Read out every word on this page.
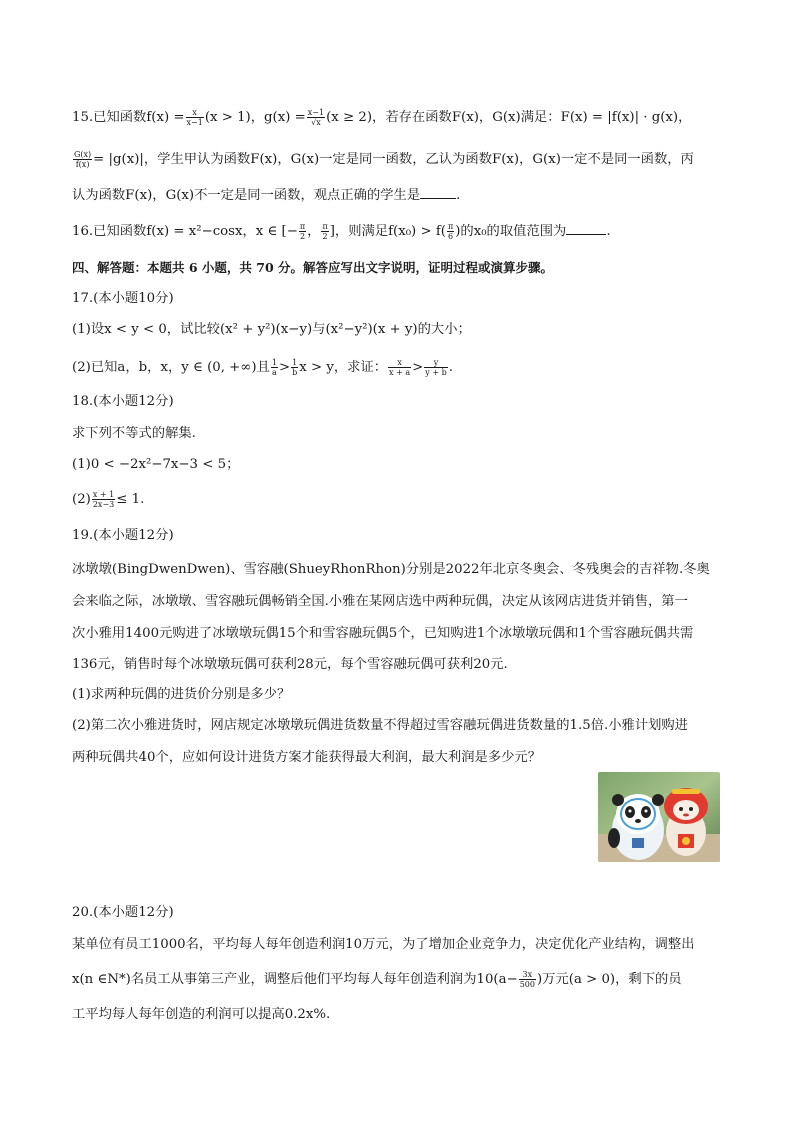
15.已知函数$f(x) = \frac{x}{x-1} (x > 1)$，$g(x) = \frac{x-1}{√x} (x \ge 2)$，若存在函数F(x)，G(x)满足：F(x) = |f(x)| · g(x)，
$\frac{G(x)}{f(x)} = |g(x)|$，学生甲认为函数F(x)，G(x)一定是同一函数，乙认为函数F(x)，G(x)一定不是同一函数，丙
认为函数F(x)，G(x)不一定是同一函数，观点正确的学生是	.
16.已知函数f(x) = x²−cosx，x ∈ [− $\frac{\pi}{2}$ ， $\frac{\pi}{2}$ ]，则满足$f(x_0) > f( \frac{\pi}{6}$ )的x₀的取值范围为	.
四、解答题：本题共 6 小题，共 70 分。解答应写出文字说明，证明过程或演算步骤。
17.(本小题10分)
(1)设x < y < 0，试比较(x² + y²)(x−y)与(x²−y²)(x + y)的大小；
(2)已知a，b，x，y ∈ (0, +∞)且 $\frac{1}{a} > \frac{1}{b}$ x > y，求证： $\frac{x}{x + a} > \frac{y}{y + b}$ .
18.(本小题12分)
求下列不等式的解集.
(1)0 < −2x²−7x−3 < 5；
$(2) \frac{x + 1}{2x-3} \le 1$.
19.(本小题12分)
冰墩墩(BingDwenDwen)、雪容融(ShueyRhonRhon)分别是2022年北京冬奥会、冬残奥会的吉祥物.冬奥
会来临之际，冰墩墩、雪容融玩偶畅销全国.小雅在某网店选中两种玩偶，决定从该网店进货并销售，第一
次小雅用1400元购进了冰墩墩玩偶15个和雪容融玩偶5个，已知购进1个冰墩墩玩偶和1个雪容融玩偶共需
136元，销售时每个冰墩墩玩偶可获利28元，每个雪容融玩偶可获利20元.
(1)求两种玩偶的进货价分别是多少？
(2)第二次小雅进货时，网店规定冰墩墩玩偶进货数量不得超过雪容融玩偶进货数量的1.5倍.小雅计划购进
两种玩偶共40个，应如何设计进货方案才能获得最大利润，最大利润是多少元？
20.(本小题12分)
某单位有员工1000名，平均每人每年创造利润10万元，为了增加企业竞争力，决定优化产业结构，调整出
x(n ∈N*)名员工从事第三产业，调整后他们平均每人每年创造利润为$10(a- \frac{3x}{500}$ )万元(a > 0)，剩下的员
工平均每人每年创造的利润可以提高0.2x%.
